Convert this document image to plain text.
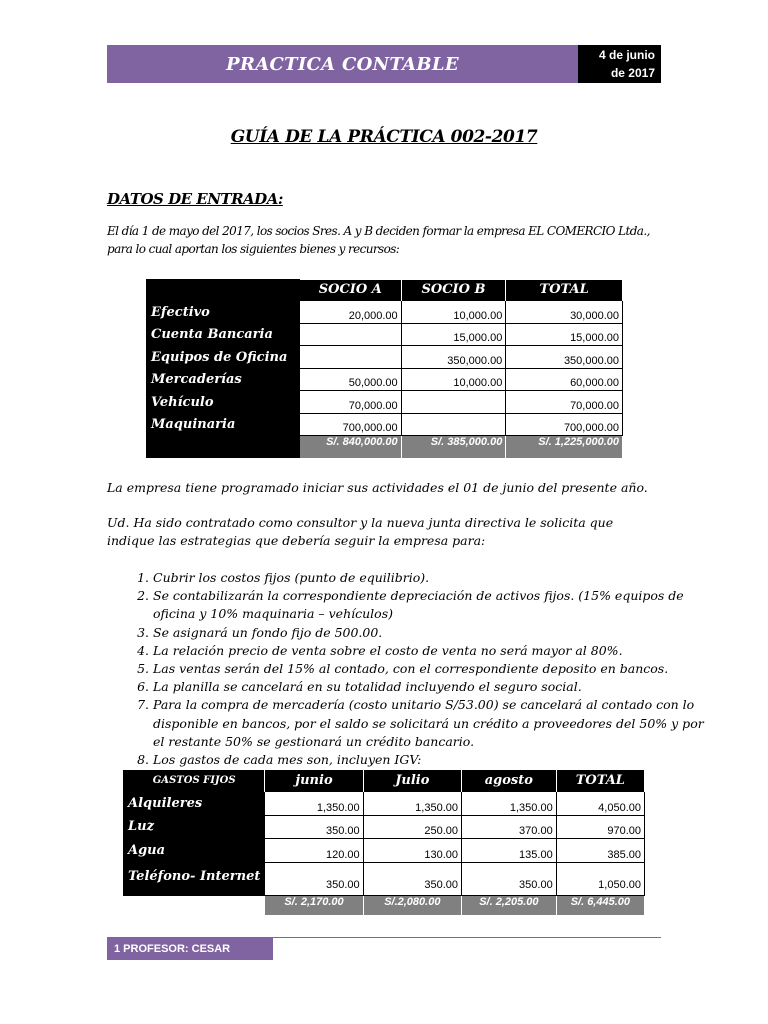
PRACTICA CONTABLE	4 de junio
de 2017
GUÍA DE LA PRÁCTICA 002-2017
DATOS DE ENTRADA:
El día 1 de mayo del 2017, los socios Sres. A y B deciden formar la empresa EL COMERCIO Ltda., para lo cual aportan los siguientes bienes y recursos:
	SOCIO A	SOCIO B	TOTAL
Efectivo	20,000.00	10,000.00	30,000.00
Cuenta Bancaria		15,000.00	15,000.00
Equipos de Oficina		350,000.00	350,000.00
Mercaderías	50,000.00	10,000.00	60,000.00
Vehículo	70,000.00		70,000.00
Maquinaria	700,000.00		700,000.00
	S/. 840,000.00	S/. 385,000.00	S/. 1,225,000.00
La empresa tiene programado iniciar sus actividades el 01 de junio del presente año.
Ud. Ha sido contratado como consultor y la nueva junta directiva le solicita que indique las estrategias que debería seguir la empresa para:
1. Cubrir los costos fijos (punto de equilibrio).
2. Se contabilizarán la correspondiente depreciación de activos fijos. (15% equipos de oficina y 10% maquinaria – vehículos)
3. Se asignará un fondo fijo de 500.00.
4. La relación precio de venta sobre el costo de venta no será mayor al 80%.
5. Las ventas serán del 15% al contado, con el correspondiente deposito en bancos.
6. La planilla se cancelará en su totalidad incluyendo el seguro social.
7. Para la compra de mercadería (costo unitario S/53.00) se cancelará al contado con lo disponible en bancos, por el saldo se solicitará un crédito a proveedores del 50% y por el restante 50% se gestionará un crédito bancario.
8. Los gastos de cada mes son, incluyen IGV:
GASTOS FIJOS	junio	Julio	agosto	TOTAL
Alquileres	1,350.00	1,350.00	1,350.00	4,050.00
Luz	350.00	250.00	370.00	970.00
Agua	120.00	130.00	135.00	385.00
Teléfono- Internet	350.00	350.00	350.00	1,050.00
	S/. 2,170.00	S/.2,080.00	S/. 2,205.00	S/. 6,445.00
1 PROFESOR: CESAR ESPEJO
